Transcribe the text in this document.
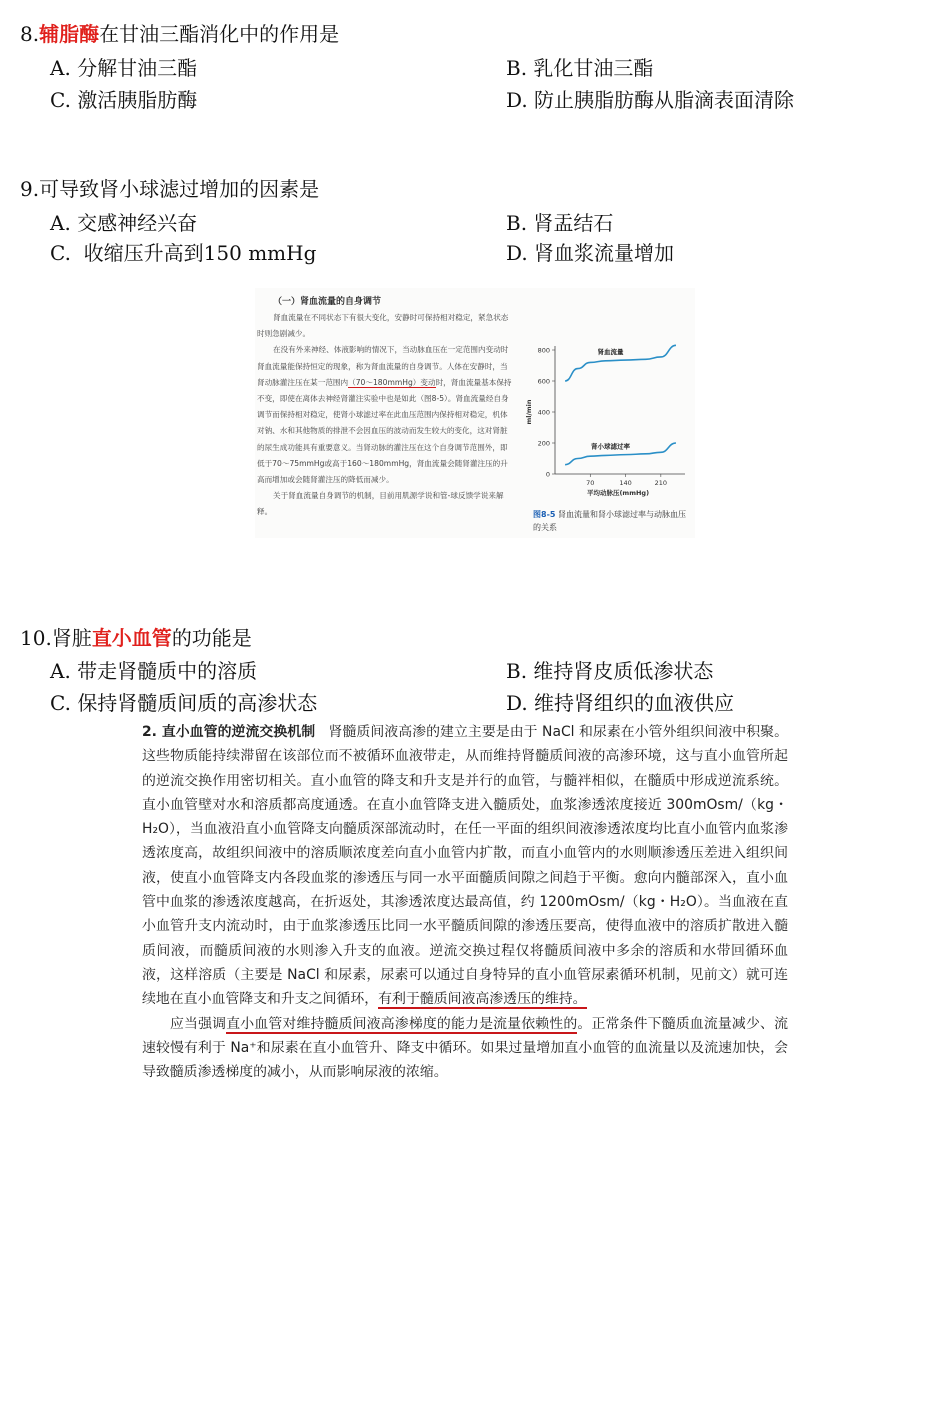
8.辅脂酶在甘油三酯消化中的作用是
A. 分解甘油三酯	B. 乳化甘油三酯
C. 激活胰脂肪酶	D. 防止胰脂肪酶从脂滴表面清除
9.可导致肾小球滤过增加的因素是
A. 交感神经兴奋	B. 肾盂结石
C. 收缩压升高到150 mmHg	D. 肾血浆流量增加
（一）肾血流量的自身调节

肾血流量在不同状态下有很大变化，安静时可保持相对稳定，紧急状态时则急剧减少。

在没有外来神经、体液影响的情况下，当动脉血压在一定范围内变动时肾血流量能保持恒定的现象，称为肾血流量的自身调节。人体在安静时，当肾动脉灌注压在某一范围内（70～180mmHg）变动时，肾血流量基本保持不变，即使在离体去神经肾灌注实验中也是如此（图8-5）。肾血流量经自身调节而保持相对稳定，使肾小球滤过率在此血压范围内保持相对稳定，机体对钠、水和其他物质的排泄不会因血压的波动而发生较大的变化，这对肾脏的尿生成功能具有重要意义。当肾动脉的灌注压在这个自身调节范围外，即低于70～75mmHg或高于160～180mmHg，肾血流量会随肾灌注压的升高而增加或会随肾灌注压的降低而减少。

关于肾血流量自身调节的机制，目前用肌源学说和管-球反馈学说来解释。

0
200
400
600
800
70	140	210
平均动脉压(mmHg)
ml/min
肾血流量
肾小球滤过率
图8-5 肾血流量和肾小球滤过率与动脉血压的关系
10.肾脏直小血管的功能是
A. 带走肾髓质中的溶质	B. 维持肾皮质低渗状态
C. 保持肾髓质间质的高渗状态	D. 维持肾组织的血液供应

2. 直小血管的逆流交换机制 肾髓质间液高渗的建立主要是由于 NaCl 和尿素在小管外组织间液中积聚。这些物质能持续滞留在该部位而不被循环血液带走，从而维持肾髓质间液的高渗环境，这与直小血管所起的逆流交换作用密切相关。直小血管的降支和升支是并行的血管，与髓袢相似，在髓质中形成逆流系统。直小血管壁对水和溶质都高度通透。在直小血管降支进入髓质处，血浆渗透浓度接近 300mOsm/（kg・H₂O），当血液沿直小血管降支向髓质深部流动时，在任一平面的组织间液渗透浓度均比直小血管内血浆渗透浓度高，故组织间液中的溶质顺浓度差向直小血管内扩散，而直小血管内的水则顺渗透压差进入组织间液，使直小血管降支内各段血浆的渗透压与同一水平面髓质间隙之间趋于平衡。愈向内髓部深入，直小血管中血浆的渗透浓度越高，在折返处，其渗透浓度达最高值，约 1200mOsm/（kg・H₂O）。当血液在直小血管升支内流动时，由于血浆渗透压比同一水平髓质间隙的渗透压要高，使得血液中的溶质扩散进入髓质间液，而髓质间液的水则渗入升支的血液。逆流交换过程仅将髓质间液中多余的溶质和水带回循环血液，这样溶质（主要是 NaCl 和尿素，尿素可以通过自身特异的直小血管尿素循环机制，见前文）就可连续地在直小血管降支和升支之间循环，有利于髓质间液高渗透压的维持。

应当强调直小血管对维持髓质间液高渗梯度的能力是流量依赖性的。正常条件下髓质血流量减少、流速较慢有利于 Na⁺和尿素在直小血管升、降支中循环。如果过量增加直小血管的血流量以及流速加快，会导致髓质渗透梯度的减小，从而影响尿液的浓缩。
